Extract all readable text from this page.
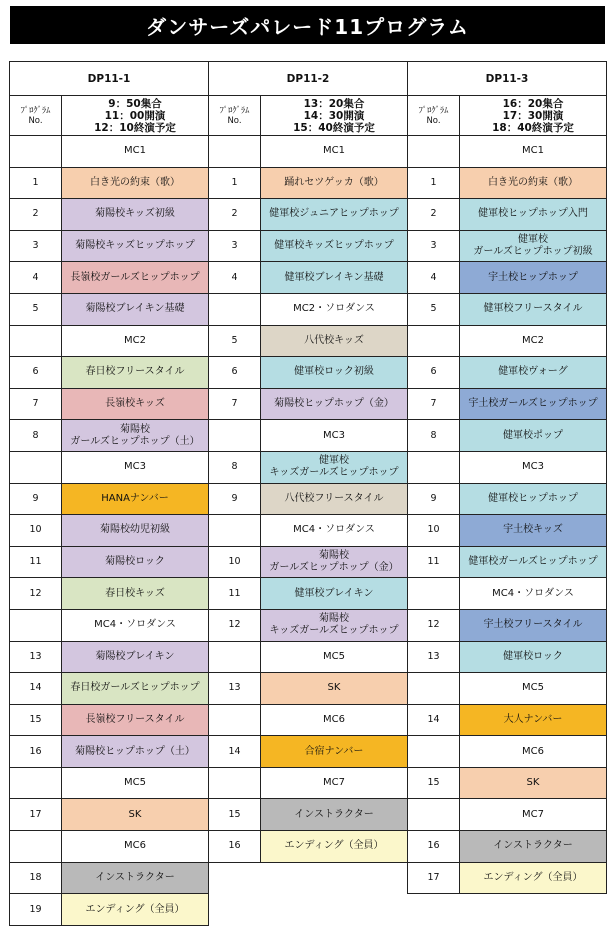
ダンサーズパレード11プログラム
DP11-1	
ﾌﾟﾛｸﾞﾗﾑ
No.	9：50集合
11：00開演
12：10終演予定
	MC1
1	白き光の約束（歌）
2	菊陽校キッズ初級
3	菊陽校キッズヒップホップ
4	長嶺校ガールズヒップホップ
5	菊陽校ブレイキン基礎
	MC2
6	春日校フリースタイル
7	長嶺校キッズ
8	菊陽校
ガールズヒップホップ（土）
	MC3
9	HANAナンバー
10	菊陽校幼児初級
11	菊陽校ロック
12	春日校キッズ
	MC4・ソロダンス
13	菊陽校ブレイキン
14	春日校ガールズヒップホップ
15	長嶺校フリースタイル
16	菊陽校ヒップホップ（土）
	MC5
17	SK
	MC6
18	インストラクター
19	エンディング（全員）
DP11-2	
ﾌﾟﾛｸﾞﾗﾑ
No.	13：20集合
14：30開演
15：40終演予定
	MC1
1	踊れセツゲッカ（歌）
2	健軍校ジュニアヒップホップ
3	健軍校キッズヒップホップ
4	健軍校ブレイキン基礎
	MC2・ソロダンス
5	八代校キッズ
6	健軍校ロック初級
7	菊陽校ヒップホップ（金）
	MC3
8	健軍校
キッズガールズヒップホップ
9	八代校フリースタイル
	MC4・ソロダンス
10	菊陽校
ガールズヒップホップ（金）
11	健軍校ブレイキン
12	菊陽校
キッズガールズヒップホップ
	MC5
13	SK
	MC6
14	合宿ナンバー
	MC7
15	インストラクター
16	エンディング（全員）
DP11-3	
ﾌﾟﾛｸﾞﾗﾑ
No.	16：20集合
17：30開演
18：40終演予定
	MC1
1	白き光の約束（歌）
2	健軍校ヒップホップ入門
3	健軍校
ガールズヒップホップ初級
4	宇土校ヒップホップ
5	健軍校フリースタイル
	MC2
6	健軍校ヴォーグ
7	宇土校ガールズヒップホップ
8	健軍校ポップ
	MC3
9	健軍校ヒップホップ
10	宇土校キッズ
11	健軍校ガールズヒップホップ
	MC4・ソロダンス
12	宇土校フリースタイル
13	健軍校ロック
	MC5
14	大人ナンバー
	MC6
15	SK
	MC7
16	インストラクター
17	エンディング（全員）
